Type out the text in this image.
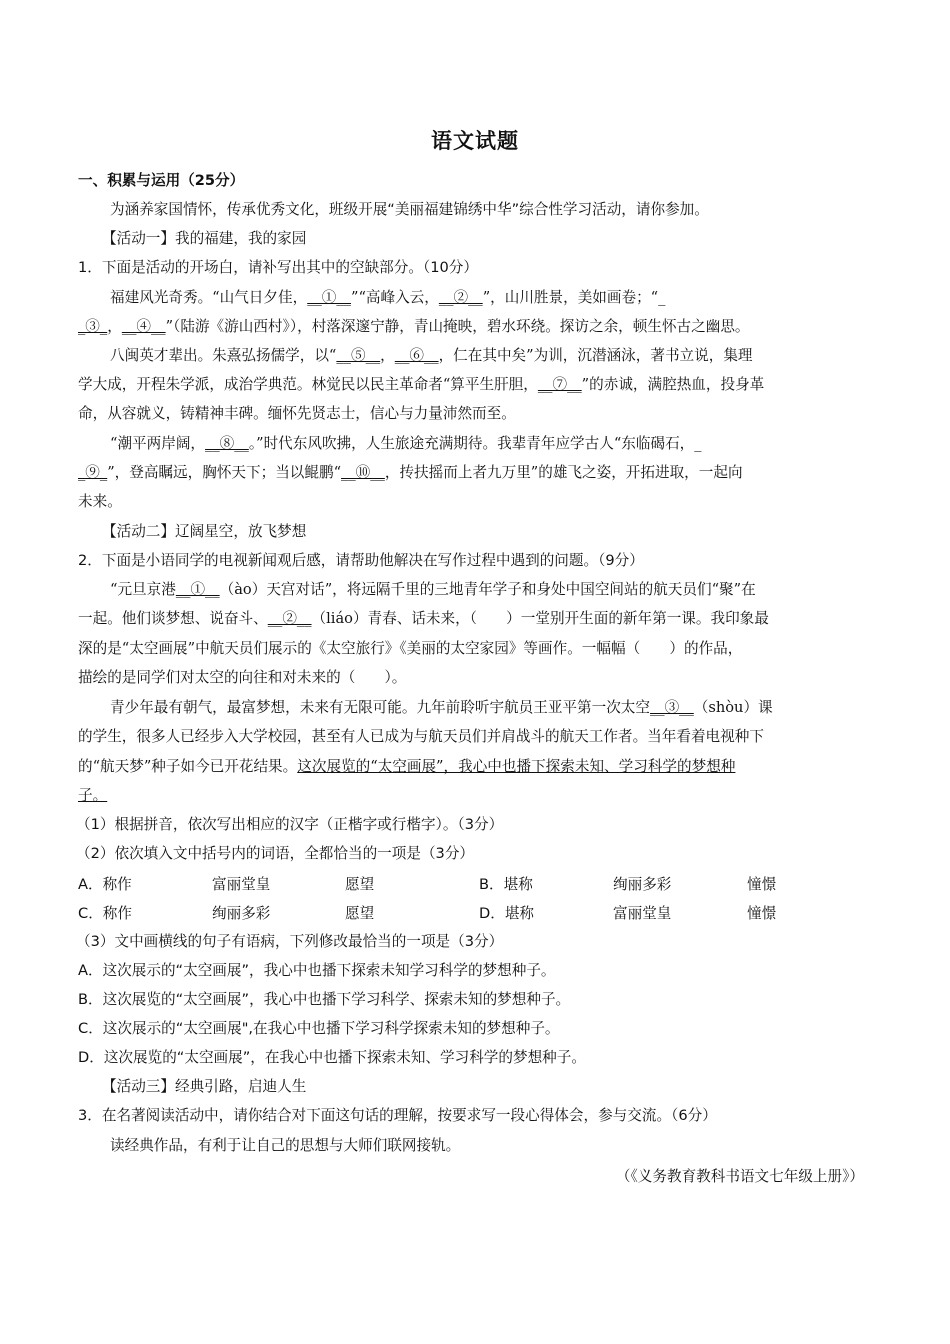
语文试题
一、积累与运用（25分）
为涵养家国情怀，传承优秀文化，班级开展“美丽福建锦绣中华”综合性学习活动，请你参加。
【活动一】我的福建，我的家园
1．下面是活动的开场白，请补写出其中的空缺部分。（10分）
福建风光奇秀。“山气日夕佳，__①__”“高峰入云，__②__”，山川胜景，美如画卷；“_
_③_，__④__”（陆游《游山西村》），村落深邃宁静，青山掩映，碧水环绕。探访之余，顿生怀古之幽思。
八闽英才辈出。朱熹弘扬儒学，以“__⑤__，__⑥__，仁在其中矣”为训，沉潜涵泳，著书立说，集理
学大成，开程朱学派，成治学典范。林觉民以民主革命者“算平生肝胆，__⑦__”的赤诚，满腔热血，投身革
命，从容就义，铸精神丰碑。缅怀先贤志士，信心与力量沛然而至。
“潮平两岸阔，__⑧__。”时代东风吹拂，人生旅途充满期待。我辈青年应学古人“东临碣石，_
_⑨_”，登高瞩远，胸怀天下；当以鲲鹏“__⑩__，抟扶摇而上者九万里”的雄飞之姿，开拓进取，一起向
未来。
【活动二】辽阔星空，放飞梦想
2．下面是小语同学的电视新闻观后感，请帮助他解决在写作过程中遇到的问题。（9分）
“元旦京港__①__（ào）天宫对话”，将远隔千里的三地青年学子和身处中国空间站的航天员们“聚”在
一起。他们谈梦想、说奋斗、__②__（liáo）青春、话未来，（　　）一堂别开生面的新年第一课。我印象最
深的是“太空画展”中航天员们展示的《太空旅行》《美丽的太空家园》等画作。一幅幅（　　）的作品，
描绘的是同学们对太空的向往和对未来的（　　）。
青少年最有朝气，最富梦想，未来有无限可能。九年前聆听宇航员王亚平第一次太空__③__（shòu）课
的学生，很多人已经步入大学校园，甚至有人已成为与航天员们并肩战斗的航天工作者。当年看着电视种下
的“航天梦”种子如今已开花结果。这次展览的“太空画展”，我心中也播下探索未知、学习科学的梦想种
子。
（1）根据拼音，依次写出相应的汉字（正楷字或行楷字）。（3分）
（2）依次填入文中括号内的词语，全都恰当的一项是（3分）
A．称作	富丽堂皇	愿望	B．堪称	绚丽多彩	憧憬
C．称作	绚丽多彩	愿望	D．堪称	富丽堂皇	憧憬
（3）文中画横线的句子有语病，下列修改最恰当的一项是（3分）
A．这次展示的“太空画展”，我心中也播下探索未知学习科学的梦想种子。
B．这次展览的“太空画展”，我心中也播下学习科学、探索未知的梦想种子。
C．这次展示的“太空画展",在我心中也播下学习科学探索未知的梦想种子。
D．这次展览的“太空画展”，在我心中也播下探索未知、学习科学的梦想种子。
【活动三】经典引路，启迪人生
3．在名著阅读活动中，请你结合对下面这句话的理解，按要求写一段心得体会，参与交流。（6分）
读经典作品，有利于让自己的思想与大师们联网接轨。
（《义务教育教科书语文七年级上册》）
